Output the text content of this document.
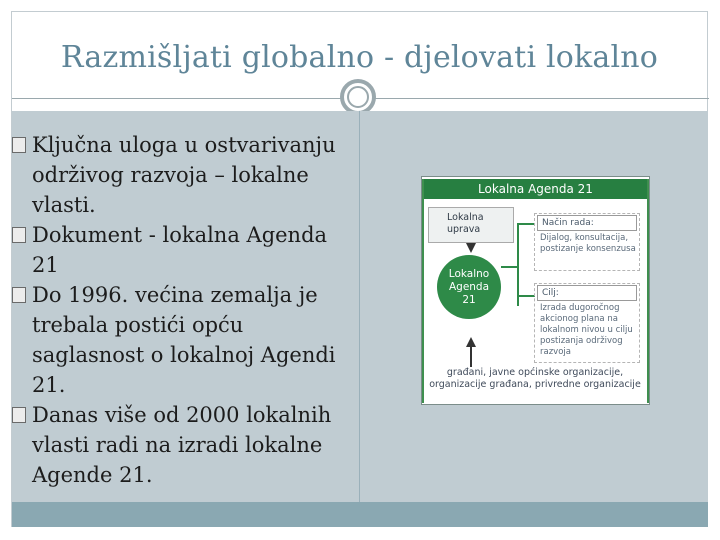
Razmišljati globalno - djelovati lokalno
Ključna uloga u ostvarivanju održivog razvoja – lokalne vlasti.
Dokument - lokalna Agenda 21
Do 1996. većina zemalja je trebala postići opću saglasnost o lokalnoj Agendi 21.
Danas više od 2000 lokalnih vlasti radi na izradi lokalne Agende 21.
Lokalna Agenda 21
Lokalna uprava
Lokalno
Agenda
21
Način rada:
Dijalog, konsultacija, postizanje konsenzusa
Cilj:
Izrada dugoročnog akcionog plana na lokalnom nivou u cilju postizanja održivog razvoja
građani, javne općinske organizacije, organizacije građana, privredne organizacije
